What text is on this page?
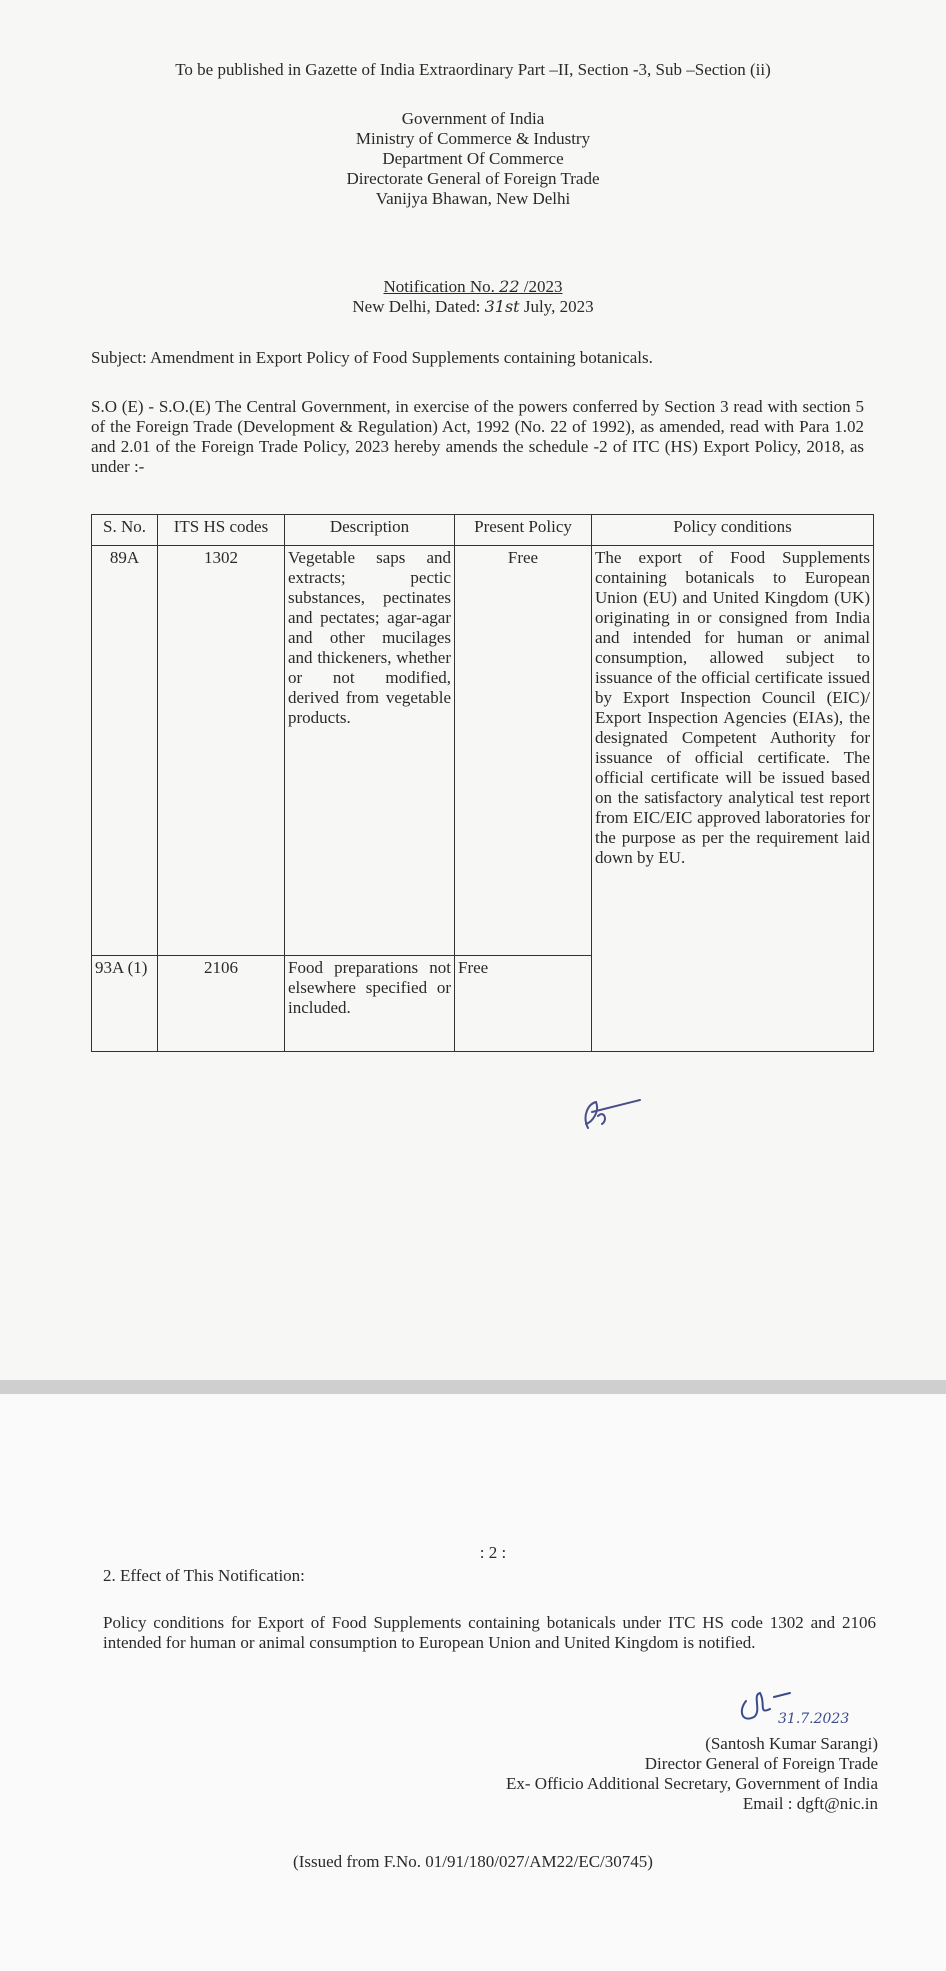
To be published in Gazette of India Extraordinary Part –II, Section -3, Sub –Section (ii)
Government of India
Ministry of Commerce & Industry
Department Of Commerce
Directorate General of Foreign Trade
Vanijya Bhawan, New Delhi
Notification No. 22 /2023
New Delhi, Dated: 31st July, 2023
Subject: Amendment in Export Policy of Food Supplements containing botanicals.
S.O (E) - S.O.(E) The Central Government, in exercise of the powers conferred by Section 3 read with section 5 of the Foreign Trade (Development & Regulation) Act, 1992 (No. 22 of 1992), as amended, read with Para 1.02 and 2.01 of the Foreign Trade Policy, 2023 hereby amends the schedule -2 of ITC (HS) Export Policy, 2018, as under :-
S. No.	ITS HS codes	Description	Present Policy	Policy conditions
89A	1302	Vegetable saps and extracts; pectic substances, pectinates and pectates; agar-agar and other mucilages and thickeners, whether or not modified, derived from vegetable products.	Free	The export of Food Supplements containing botanicals to European Union (EU) and United Kingdom (UK) originating in or consigned from India and intended for human or animal consumption, allowed subject to issuance of the official certificate issued by Export Inspection Council (EIC)/ Export Inspection Agencies (EIAs), the designated Competent Authority for issuance of official certificate. The official certificate will be issued based on the satisfactory analytical test report from EIC/EIC approved laboratories for the purpose as per the requirement laid down by EU.
93A (1)	2106	Food preparations not elsewhere specified or included.	Free	
: 2 :
2. Effect of This Notification:
Policy conditions for Export of Food Supplements containing botanicals under ITC HS code 1302 and 2106 intended for human or animal consumption to European Union and United Kingdom is notified.
31.7.2023
(Santosh Kumar Sarangi)
Director General of Foreign Trade
Ex- Officio Additional Secretary, Government of India
Email : dgft@nic.in
(Issued from F.No. 01/91/180/027/AM22/EC/30745)
